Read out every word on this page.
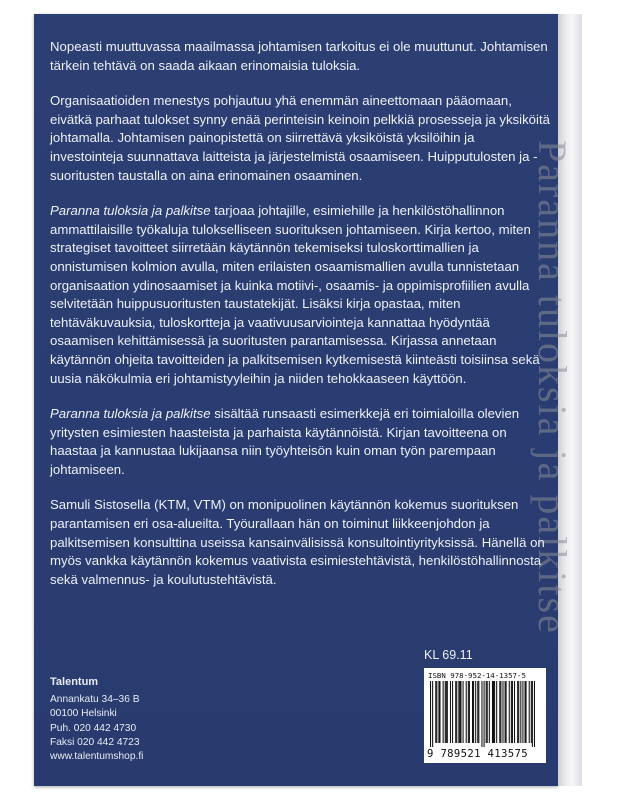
Paranna tuloksia ja palkitse

Nopeasti muuttuvassa maailmassa johtamisen tarkoitus ei ole muuttunut. Johtamisen tärkein tehtävä on saada aikaan erinomaisia tuloksia.

Organisaatioiden menestys pohjautuu yhä enemmän aineettomaan pääomaan, eivätkä parhaat tulokset synny enää perinteisin keinoin pelkkiä prosesseja ja yksiköitä johtamalla. Johtamisen painopistettä on siirrettävä yksiköistä yksilöihin ja investointeja suunnattava laitteista ja järjestelmistä osaamiseen. Huipputulosten ja -suoritusten taustalla on aina erinomainen osaaminen.

Paranna tuloksia ja palkitse tarjoaa johtajille, esimiehille ja henkilöstöhallinnon ammattilaisille työkaluja tulokselliseen suorituksen johtamiseen. Kirja kertoo, miten strategiset tavoitteet siirretään käytännön tekemiseksi tuloskorttimallien ja onnistumisen kolmion avulla, miten erilaisten osaamismallien avulla tunnistetaan organisaation ydinosaamiset ja kuinka motiivi-, osaamis- ja oppimisprofiilien avulla selvitetään huippusuoritusten taustatekijät. Lisäksi kirja opastaa, miten tehtäväkuvauksia, tuloskortteja ja vaativuusarviointeja kannattaa hyödyntää osaamisen kehittämisessä ja suoritusten parantamisessa. Kirjassa annetaan käytännön ohjeita tavoitteiden ja palkitsemisen kytkemisestä kiinteästi toisiinsa sekä uusia näkökulmia eri johtamistyyleihin ja niiden tehokkaaseen käyttöön.

Paranna tuloksia ja palkitse sisältää runsaasti esimerkkejä eri toimialoilla olevien yritysten esimiesten haasteista ja parhaista käytännöistä. Kirjan tavoitteena on haastaa ja kannustaa lukijaansa niin työyhteisön kuin oman työn parempaan johtamiseen.

Samuli Sistosella (KTM, VTM) on monipuolinen käytännön kokemus suorituksen parantamisen eri osa-alueilta. Työurallaan hän on toiminut liikkeenjohdon ja palkitsemisen konsulttina useissa kansainvälisissä konsultointiyrityksissä. Hänellä on myös vankka käytännön kokemus vaativista esimiestehtävistä, henkilöstöhallinnosta sekä valmennus- ja koulutustehtävistä.

KL 69.11
ISBN 978-952-14-1357-5
9 789521 413575
Talentum
Annankatu 34–36 B
00100 Helsinki
Puh. 020 442 4730
Faksi 020 442 4723
www.talentumshop.fi
